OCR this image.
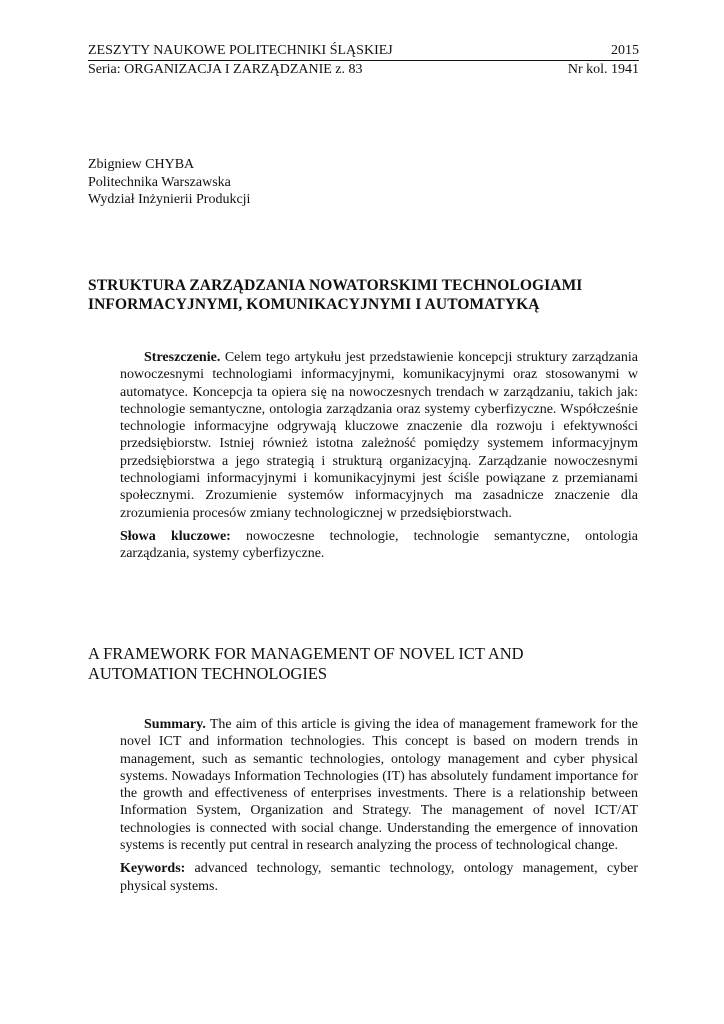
ZESZYTY NAUKOWE POLITECHNIKI ŚLĄSKIEJ	2015
Seria: ORGANIZACJA I ZARZĄDZANIE z. 83	Nr kol. 1941
Zbigniew CHYBA
Politechnika Warszawska
Wydział Inżynierii Produkcji
STRUKTURA ZARZĄDZANIA NOWATORSKIMI TECHNOLOGIAMI
INFORMACYJNYMI, KOMUNIKACYJNYMI I AUTOMATYKĄ

Streszczenie. Celem tego artykułu jest przedstawienie koncepcji struktury zarządzania nowoczesnymi technologiami informacyjnymi, komunikacyjnymi oraz stosowanymi w automatyce. Koncepcja ta opiera się na nowoczesnych trendach w zarządzaniu, takich jak: technologie semantyczne, ontologia zarządzania oraz systemy cyberfizyczne. Współcześnie technologie informacyjne odgrywają kluczowe znaczenie dla rozwoju i efektywności przedsiębiorstw. Istniej również istotna zależność pomiędzy systemem informacyjnym przedsiębiorstwa a jego strategią i strukturą organizacyjną. Zarządzanie nowoczesnymi technologiami informacyjnymi i komunikacyjnymi jest ściśle powiązane z przemianami społecznymi. Zrozumienie systemów informacyjnych ma zasadnicze znaczenie dla zrozumienia procesów zmiany technologicznej w przedsiębiorstwach.

Słowa kluczowe: nowoczesne technologie, technologie semantyczne, ontologia zarządzania, systemy cyberfizyczne.

A FRAMEWORK FOR MANAGEMENT OF NOVEL ICT AND
AUTOMATION TECHNOLOGIES

Summary. The aim of this article is giving the idea of management framework for the novel ICT and information technologies. This concept is based on modern trends in management, such as semantic technologies, ontology management and cyber physical systems. Nowadays Information Technologies (IT) has absolutely fundament importance for the growth and effectiveness of enterprises investments. There is a relationship between Information System, Organization and Strategy. The management of novel ICT/AT technologies is connected with social change. Understanding the emergence of innovation systems is recently put central in research analyzing the process of technological change.

Keywords: advanced technology, semantic technology, ontology management, cyber physical systems.
